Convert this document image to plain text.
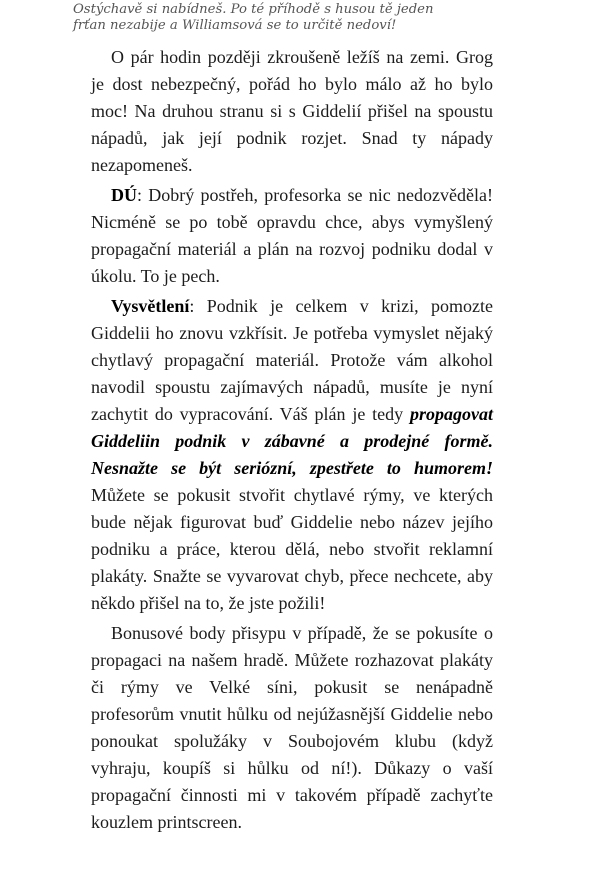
Ostýchavě si nabídneš. Po té příhodě s husou tě jeden
frťan nezabije a Williamsová se to určitě nedoví!

O pár hodin později zkroušeně ležíš na zemi. Grog je dost nebezpečný, pořád ho bylo málo až ho bylo moc! Na druhou stranu si s Giddelií přišel na spoustu nápadů, jak její podnik rozjet. Snad ty nápady nezapomeneš.

DÚ: Dobrý postřeh, profesorka se nic nedozvěděla! Nicméně se po tobě opravdu chce, abys vymyšlený propagační materiál a plán na rozvoj podniku dodal v úkolu. To je pech.

Vysvětlení: Podnik je celkem v krizi, pomozte Giddelii ho znovu vzkřísit. Je potřeba vymyslet nějaký chytlavý propagační materiál. Protože vám alkohol navodil spoustu zajímavých nápadů, musíte je nyní zachytit do vypracování. Váš plán je tedy propagovat Giddeliin podnik v zábavné a prodejné formě. Nesnažte se být seriózní, zpestřete to humorem! Můžete se pokusit stvořit chytlavé rýmy, ve kterých bude nějak figurovat buď Giddelie nebo název jejího podniku a práce, kterou dělá, nebo stvořit reklamní plakáty. Snažte se vyvarovat chyb, přece nechcete, aby někdo přišel na to, že jste požili!

Bonusové body přisypu v případě, že se pokusíte o propagaci na našem hradě. Můžete rozhazovat plakáty či rýmy ve Velké síni, pokusit se nenápadně profesorům vnutit hůlku od nejúžasnější Giddelie nebo ponoukat spolužáky v Soubojovém klubu (když vyhraju, koupíš si hůlku od ní!). Důkazy o vaší propagační činnosti mi v takovém případě zachyťte kouzlem printscreen.
